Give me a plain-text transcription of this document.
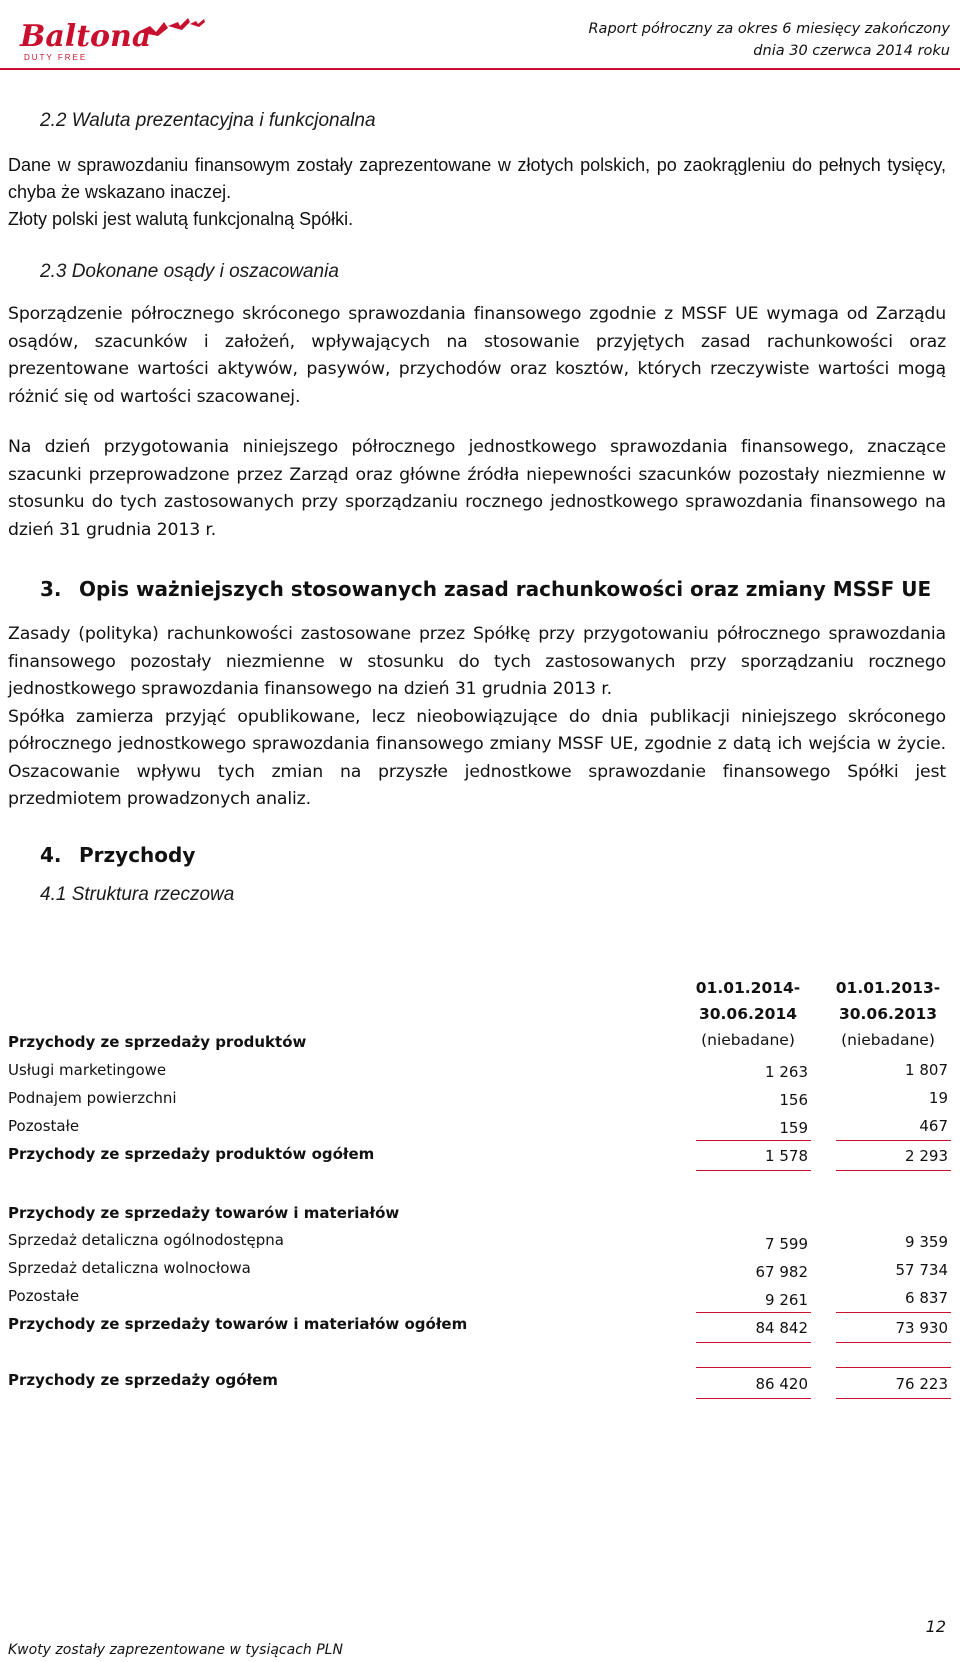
Baltona
DUTY FREE
Raport półroczny za okres 6 miesięcy zakończony
dnia 30 czerwca 2014 roku
2.2 Waluta prezentacyjna i funkcjonalna
Dane w sprawozdaniu finansowym zostały zaprezentowane w złotych polskich, po zaokrągleniu do pełnych tysięcy, chyba że wskazano inaczej.
Złoty polski jest walutą funkcjonalną Spółki.
2.3 Dokonane osądy i oszacowania
Sporządzenie półrocznego skróconego sprawozdania finansowego zgodnie z MSSF UE wymaga od Zarządu osądów, szacunków i założeń, wpływających na stosowanie przyjętych zasad rachunkowości oraz prezentowane wartości aktywów, pasywów, przychodów oraz kosztów, których rzeczywiste wartości mogą różnić się od wartości szacowanej.
Na dzień przygotowania niniejszego półrocznego jednostkowego sprawozdania finansowego, znaczące szacunki przeprowadzone przez Zarząd oraz główne źródła niepewności szacunków pozostały niezmienne w stosunku do tych zastosowanych przy sporządzaniu rocznego jednostkowego sprawozdania finansowego na dzień 31 grudnia 2013 r.
3. Opis ważniejszych stosowanych zasad rachunkowości oraz zmiany MSSF UE
Zasady (polityka) rachunkowości zastosowane przez Spółkę przy przygotowaniu półrocznego sprawozdania finansowego pozostały niezmienne w stosunku do tych zastosowanych przy sporządzaniu rocznego jednostkowego sprawozdania finansowego na dzień 31 grudnia 2013 r.
Spółka zamierza przyjąć opublikowane, lecz nieobowiązujące do dnia publikacji niniejszego skróconego półrocznego jednostkowego sprawozdania finansowego zmiany MSSF UE, zgodnie z datą ich wejścia w życie. Oszacowanie wpływu tych zmian na przyszłe jednostkowe sprawozdanie finansowego Spółki jest przedmiotem prowadzonych analiz.
4. Przychody
4.1 Struktura rzeczowa
01.01.2014-
30.06.2014
(niebadane)
01.01.2013-
30.06.2013
(niebadane)
Przychody ze sprzedaży produktów
Usługi marketingowe	1 263	1 807
Podnajem powierzchni	156	19
Pozostałe	159	467
Przychody ze sprzedaży produktów ogółem	1 578	2 293
Przychody ze sprzedaży towarów i materiałów
Sprzedaż detaliczna ogólnodostępna	7 599	9 359
Sprzedaż detaliczna wolnocłowa	67 982	57 734
Pozostałe	9 261	6 837
Przychody ze sprzedaży towarów i materiałów ogółem	84 842	73 930
Przychody ze sprzedaży ogółem	86 420	76 223
12
Kwoty zostały zaprezentowane w tysiącach PLN
